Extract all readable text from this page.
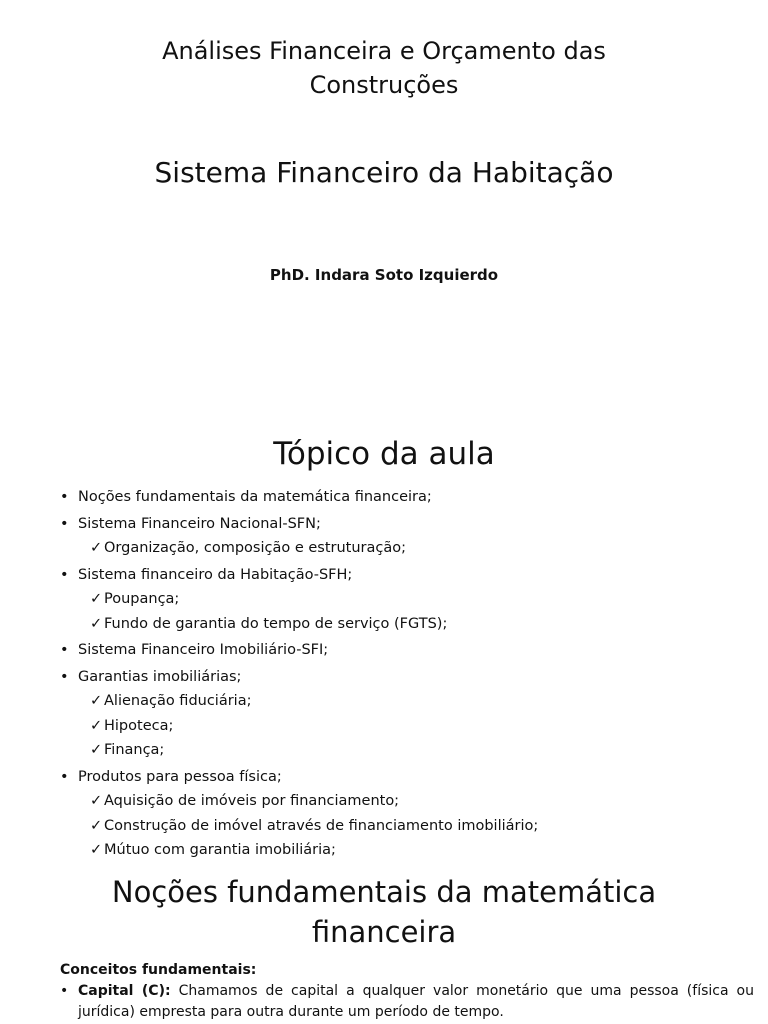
Análises Financeira e Orçamento das
Construções
Sistema Financeiro da Habitação
PhD. Indara Soto Izquierdo
Tópico da aula
• Noções fundamentais da matemática financeira;
• Sistema Financeiro Nacional-SFN;
✓ Organização, composição e estruturação;
• Sistema financeiro da Habitação-SFH;
✓ Poupança;
✓ Fundo de garantia do tempo de serviço (FGTS);
• Sistema Financeiro Imobiliário-SFI;
• Garantias imobiliárias;
✓ Alienação fiduciária;
✓ Hipoteca;
✓ Finança;
• Produtos para pessoa física;
✓ Aquisição de imóveis por financiamento;
✓ Construção de imóvel através de financiamento imobiliário;
✓ Mútuo com garantia imobiliária;
Noções fundamentais da matemática
financeira
Conceitos fundamentais:
• Capital (C): Chamamos de capital a qualquer valor monetário que uma pessoa (física ou jurídica) empresta para outra durante um período de tempo.
